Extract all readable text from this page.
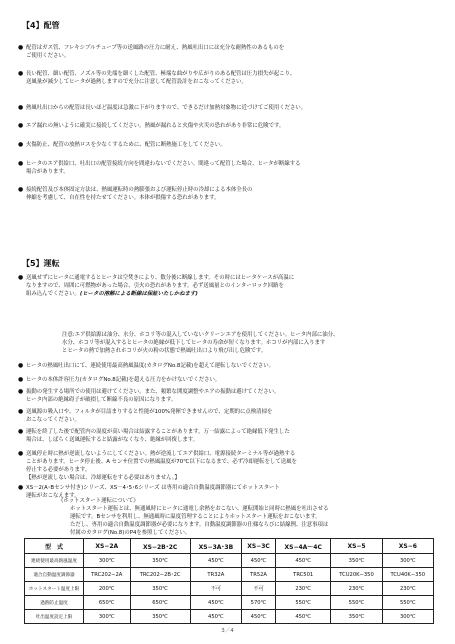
【4】配管
● 配管はガス管、フレキシブルチューブ等の送風路の圧力に耐え、熱風吐出口には充分な耐熱性のあるものを
ご使用ください。
● 長い配管、細い配管、ノズル等の先端を細くした配管、極端な曲がりや広がりのある配管は圧力損失が起こり、
送風量が減少してヒータが過熱しますので充分に注意して配管設計をおこなってください。
● 熱風吐出口からの配管は長いほど温度は急激に下がりますので、できるだけ加熱対象物に近づけてご使用ください。
● エア漏れの無いように確実に接続してください。熱風が漏れると火傷や火災の恐れがあり非常に危険です。
● 火傷防止、配管の放熱ロスを少なくするために、配管に断熱施工をしてください。
● ヒータのエア供給口、吐出口の配管接続方向を間違わないでください。間違って配管した場合、ヒータが断線する
場合があります。
● 接続配管及び本体固定方法は、熱風運転時の熱膨張および運転停止時の冷却による本体全長の
伸縮を考慮して、自在性を持たせてください。本体が損傷する恐れがあります。
【5】運転
● 送風せずにヒータに通電するとヒータは空焚きにより、数分後に断線します。その時にはヒータケースが高温に
なりますので、周囲に可燃物があった場合、引火の恐れがあります。必ず送風量とのインターロック回路を
組み込んでください。(ヒータの溶解による断線は保証いたしかねます)
● ヒータの熱風吐出口にて、連続使用最高熱風温度(カタログNo.8記載)を超えて運転しないでください。
● ヒータの本体許容圧力(カタログNo.8記載)を超える圧力をかけないでください。
● 振動の発生する場所での使用は避けてください。また、頻繁な開度調整やエアの振動は避けてください。
ヒータ内部の絶縁碍子が破損して断線不良の原因になります。
● 送風源の吸入口や、フィルタが目詰まりすると性能が100%発揮できませんので、定期的に点検清掃を
おこなってください。
● 運転を終了した後で配管内の湿度が高い場合は結露することがあります。万一結露によって絶縁低下発生した
場合は、しばらく送風運転すると結露がなくなり、絶縁が回復します。
● 送風停止時に熱が逆流しないようにしてください。熱が逆流してエア供給口、電源接続ターミナル等が過熱する
ことがあります。ヒータ停止後、A センサ位置での熱風温度が70℃以下になるまで、必ず冷却運転をして送風を
停止する必要があります。
【熱が逆流しない場合は、冷却運転をする必要はありません。】
● XS－2(A･Bセンサ付き)シリーズ、XS－4･5･6シリーズ は専用の適合自動温度調節器にてホットスタート
運転がおこなえます。
注意:エア供給源は油分、水分、ホコリ等の混入していないクリーンエアを使用してください。ヒータ内部に油分、
水分、ホコリ等が混入するとヒータの絶縁が低下してヒータの寿命が短くなります。ホコリが内部に入ります
とヒータの熱で加熱されホコリが火の粉の状態で熱風吐出口より飛び出し危険です。
《ホットスタート運転について》
ホットスタート運転とは、無通風時にヒータに通電し余熱をおこない、運転開始と同時に熱風を吐出させる
運転です。Bセンサを利用し、無通風時に温度管理することによりホットスタート運転をおこないます。
ただし、専用の適合自動温度調節器が必要になります。自動温度調節器の仕様ならびに結線例、注意事項は
付属のカタログ(No.8)のP4を参照してください。
型　式	XS−2A	XS−2B･2C	XS−3A･3B	XS−3C	XS−4A〜4C	XS−5	XS−6
連続使用最高熱風温度	300℃	350℃	450℃	450℃	450℃	350℃	300℃
適合自動温度調節器	TRC202−2A	TRC202−2B･2C	TR32A	TR52A	TRC501	TCU20K−350	TCU40K−350
ホットスタート温度上限	200℃	350℃	不可	不可	230℃	230℃	230℃
過熱防止温度	650℃	650℃	450℃	570℃	550℃	550℃	550℃
吐出温度設定上限	300℃	350℃	450℃	450℃	450℃	350℃	300℃
3／4
